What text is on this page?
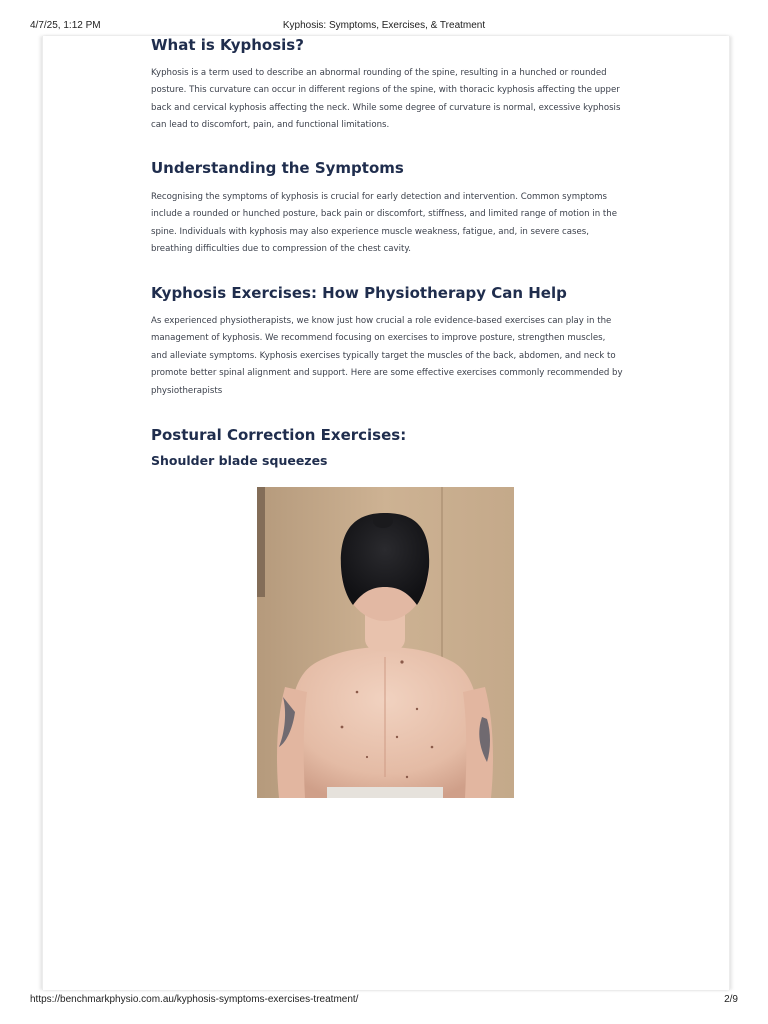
4/7/25, 1:12 PM	Kyphosis: Symptoms, Exercises, & Treatment
What is Kyphosis?

Kyphosis is a term used to describe an abnormal rounding of the spine, resulting in a hunched or rounded posture. This curvature can occur in different regions of the spine, with thoracic kyphosis affecting the upper back and cervical kyphosis affecting the neck. While some degree of curvature is normal, excessive kyphosis can lead to discomfort, pain, and functional limitations.

Understanding the Symptoms

Recognising the symptoms of kyphosis is crucial for early detection and intervention. Common symptoms include a rounded or hunched posture, back pain or discomfort, stiffness, and limited range of motion in the spine. Individuals with kyphosis may also experience muscle weakness, fatigue, and, in severe cases, breathing difficulties due to compression of the chest cavity.

Kyphosis Exercises: How Physiotherapy Can Help

As experienced physiotherapists, we know just how crucial a role evidence-based exercises can play in the management of kyphosis. We recommend focusing on exercises to improve posture, strengthen muscles, and alleviate symptoms. Kyphosis exercises typically target the muscles of the back, abdomen, and neck to promote better spinal alignment and support. Here are some effective exercises commonly recommended by physiotherapists

Postural Correction Exercises:
Shoulder blade squeezes
https://benchmarkphysio.com.au/kyphosis-symptoms-exercises-treatment/	2/9
